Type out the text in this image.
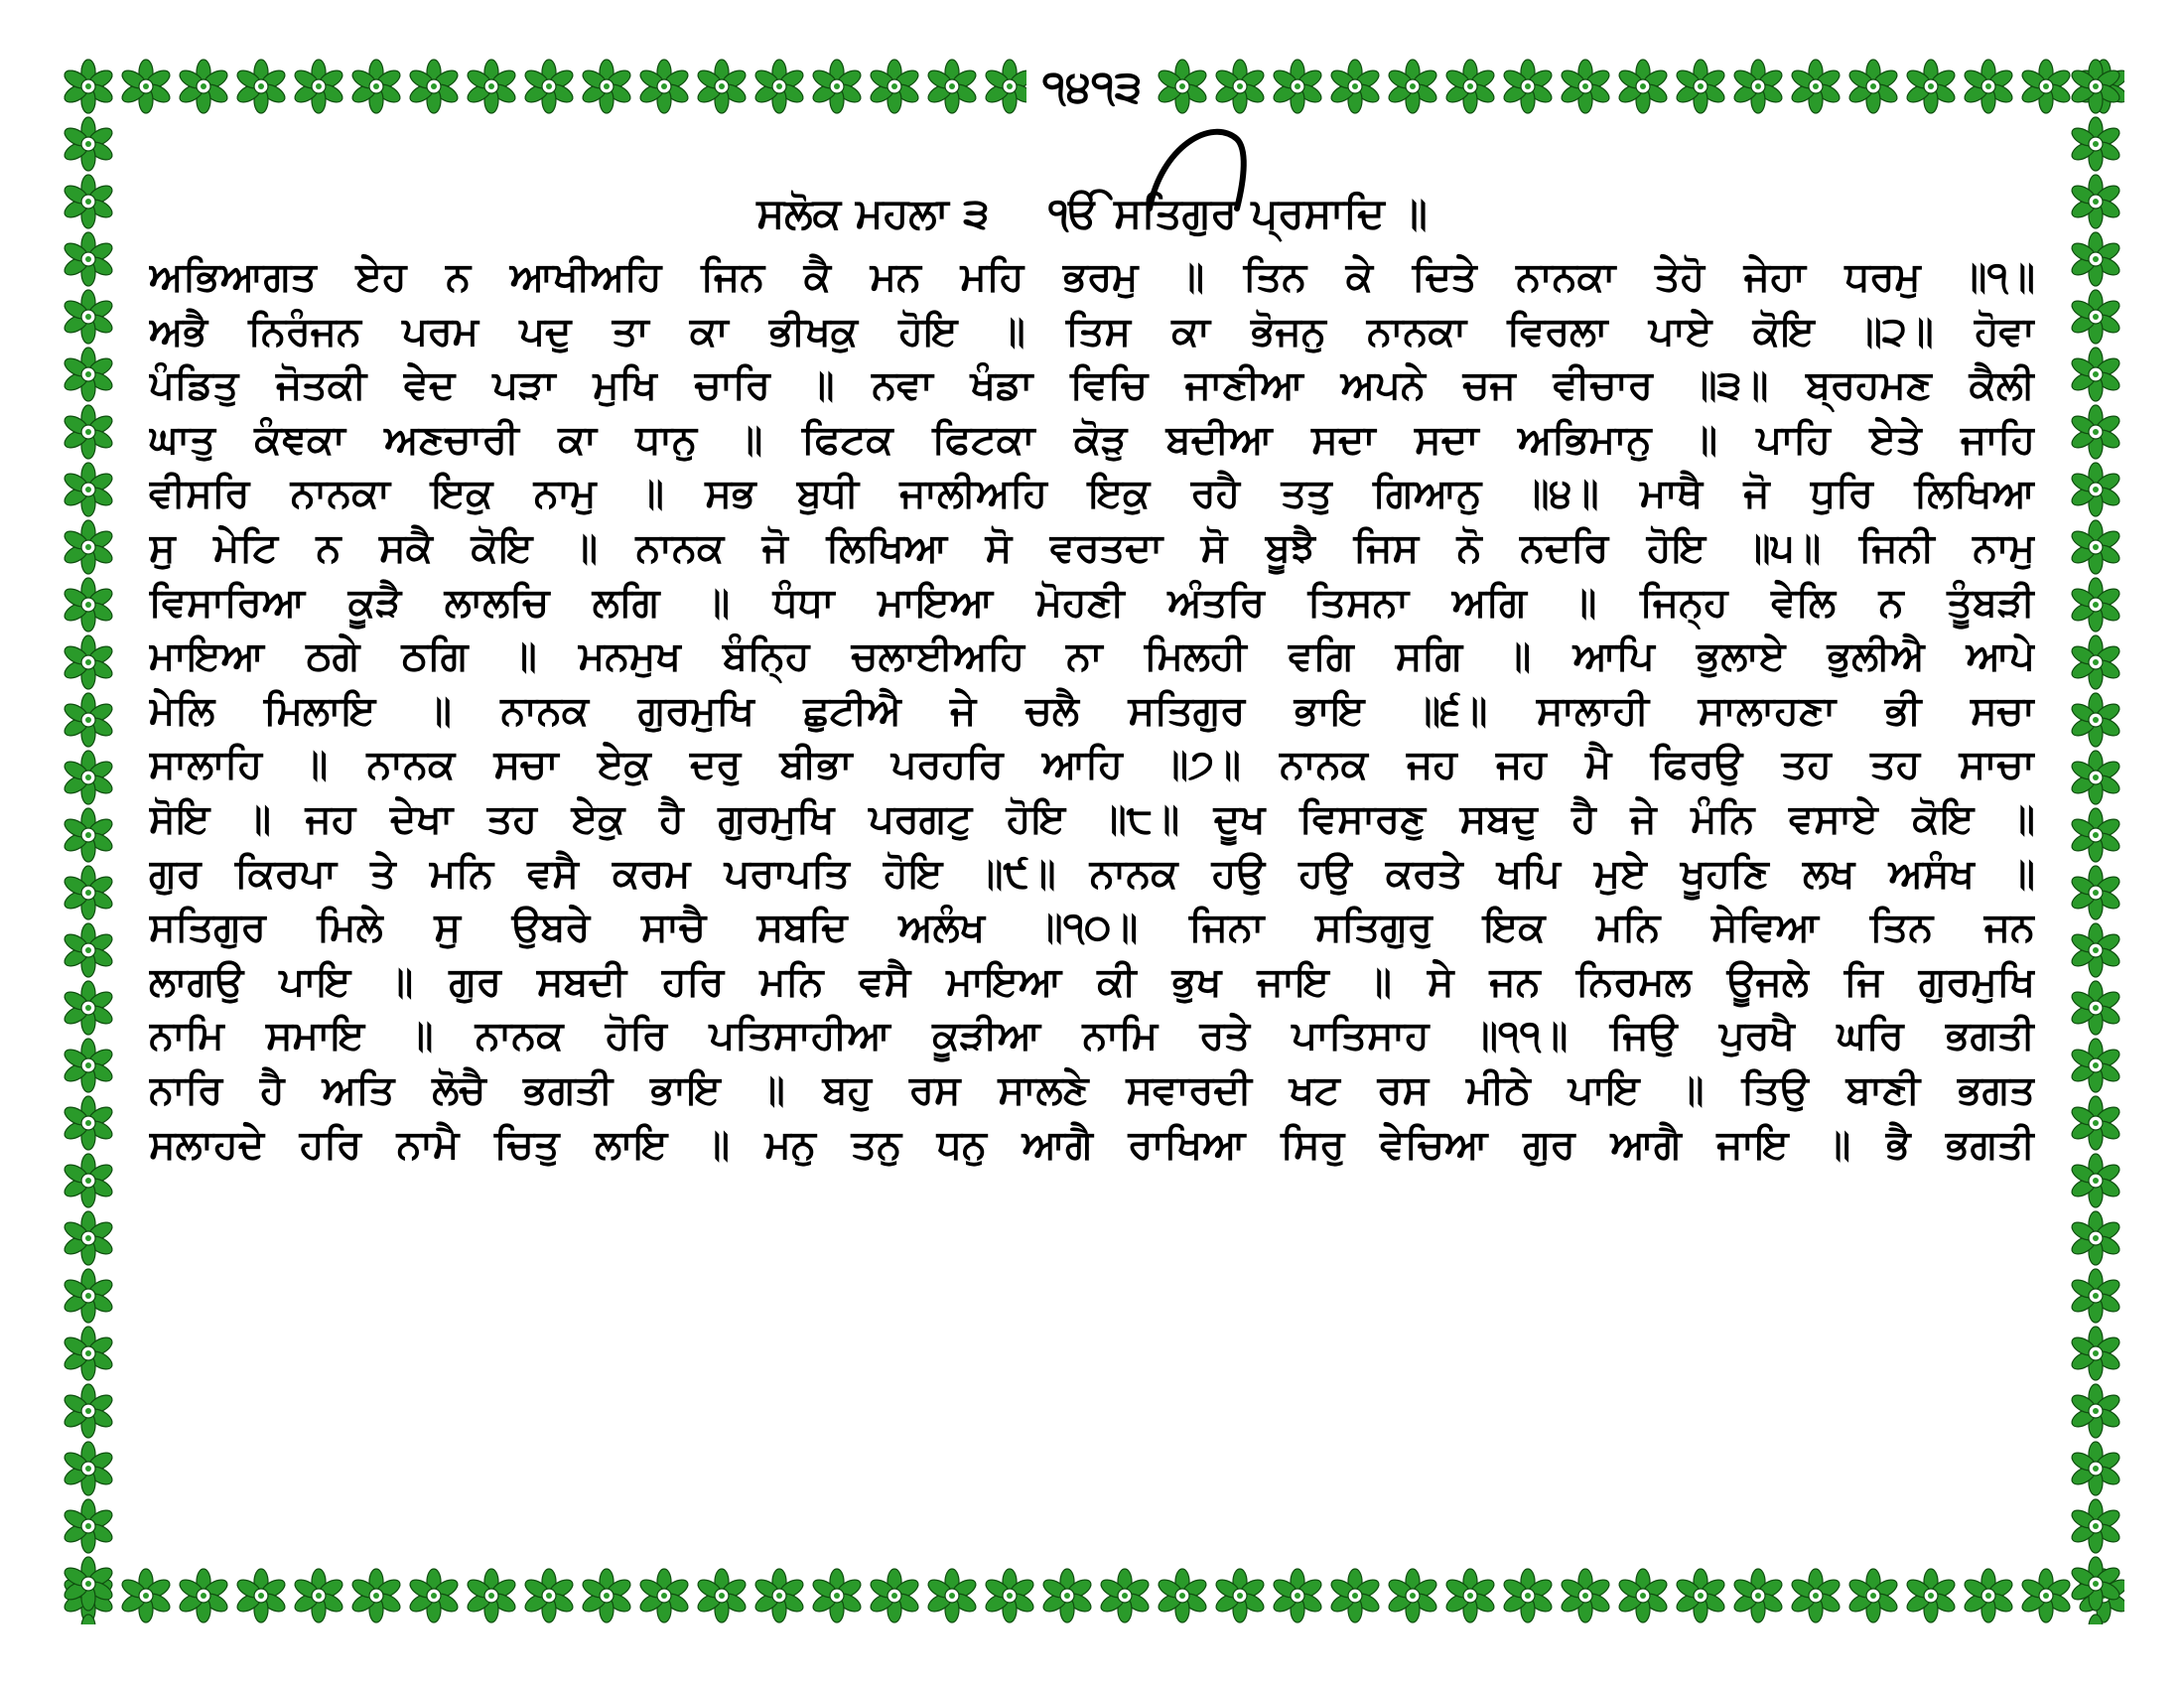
੧੪੧੩
ਸਲੋਕ ਮਹਲਾ ੩ ੴ ਸਤਿਗੁਰ ਪ੍ਰਸਾਦਿ ॥
ਅਭਿਆਗਤ ਏਹ ਨ ਆਖੀਅਹਿ ਜਿਨ ਕੈ ਮਨ ਮਹਿ ਭਰਮੁ ॥ ਤਿਨ ਕੇ ਦਿਤੇ ਨਾਨਕਾ ਤੇਹੋ ਜੇਹਾ ਧਰਮੁ ॥੧॥
ਅਭੈ ਨਿਰੰਜਨ ਪਰਮ ਪਦੁ ਤਾ ਕਾ ਭੀਖਕੁ ਹੋਇ ॥ ਤਿਸ ਕਾ ਭੋਜਨੁ ਨਾਨਕਾ ਵਿਰਲਾ ਪਾਏ ਕੋਇ ॥੨॥ ਹੋਵਾ
ਪੰਡਿਤੁ ਜੋਤਕੀ ਵੇਦ ਪੜਾ ਮੁਖਿ ਚਾਰਿ ॥ ਨਵਾ ਖੰਡਾ ਵਿਚਿ ਜਾਣੀਆ ਅਪਨੇ ਚਜ ਵੀਚਾਰ ॥੩॥ ਬ੍ਰਹਮਣ ਕੈਲੀ
ਘਾਤੁ ਕੰਞਕਾ ਅਣਚਾਰੀ ਕਾ ਧਾਨੁ ॥ ਫਿਟਕ ਫਿਟਕਾ ਕੋੜੁ ਬਦੀਆ ਸਦਾ ਸਦਾ ਅਭਿਮਾਨੁ ॥ ਪਾਹਿ ਏਤੇ ਜਾਹਿ
ਵੀਸਰਿ ਨਾਨਕਾ ਇਕੁ ਨਾਮੁ ॥ ਸਭ ਬੁਧੀ ਜਾਲੀਅਹਿ ਇਕੁ ਰਹੈ ਤਤੁ ਗਿਆਨੁ ॥੪॥ ਮਾਥੈ ਜੋ ਧੁਰਿ ਲਿਖਿਆ
ਸੁ ਮੇਟਿ ਨ ਸਕੈ ਕੋਇ ॥ ਨਾਨਕ ਜੋ ਲਿਖਿਆ ਸੋ ਵਰਤਦਾ ਸੋ ਬੂਝੈ ਜਿਸ ਨੋ ਨਦਰਿ ਹੋਇ ॥੫॥ ਜਿਨੀ ਨਾਮੁ
ਵਿਸਾਰਿਆ ਕੂੜੈ ਲਾਲਚਿ ਲਗਿ ॥ ਧੰਧਾ ਮਾਇਆ ਮੋਹਣੀ ਅੰਤਰਿ ਤਿਸਨਾ ਅਗਿ ॥ ਜਿਨ੍ਹ ਵੇਲਿ ਨ ਤੂੰਬੜੀ
ਮਾਇਆ ਠਗੇ ਠਗਿ ॥ ਮਨਮੁਖ ਬੰਨ੍ਹਿ ਚਲਾਈਅਹਿ ਨਾ ਮਿਲਹੀ ਵਗਿ ਸਗਿ ॥ ਆਪਿ ਭੁਲਾਏ ਭੁਲੀਐ ਆਪੇ
ਮੇਲਿ ਮਿਲਾਇ ॥ ਨਾਨਕ ਗੁਰਮੁਖਿ ਛੁਟੀਐ ਜੇ ਚਲੈ ਸਤਿਗੁਰ ਭਾਇ ॥੬॥ ਸਾਲਾਹੀ ਸਾਲਾਹਣਾ ਭੀ ਸਚਾ
ਸਾਲਾਹਿ ॥ ਨਾਨਕ ਸਚਾ ਏਕੁ ਦਰੁ ਬੀਭਾ ਪਰਹਰਿ ਆਹਿ ॥੭॥ ਨਾਨਕ ਜਹ ਜਹ ਮੈ ਫਿਰਉ ਤਹ ਤਹ ਸਾਚਾ
ਸੋਇ ॥ ਜਹ ਦੇਖਾ ਤਹ ਏਕੁ ਹੈ ਗੁਰਮੁਖਿ ਪਰਗਟੁ ਹੋਇ ॥੮॥ ਦੂਖ ਵਿਸਾਰਣੁ ਸਬਦੁ ਹੈ ਜੇ ਮੰਨਿ ਵਸਾਏ ਕੋਇ ॥
ਗੁਰ ਕਿਰਪਾ ਤੇ ਮਨਿ ਵਸੈ ਕਰਮ ਪਰਾਪਤਿ ਹੋਇ ॥੯॥ ਨਾਨਕ ਹਉ ਹਉ ਕਰਤੇ ਖਪਿ ਮੁਏ ਖੂਹਣਿ ਲਖ ਅਸੰਖ ॥
ਸਤਿਗੁਰ ਮਿਲੇ ਸੁ ਉਬਰੇ ਸਾਚੈ ਸਬਦਿ ਅਲੰਖ ॥੧੦॥ ਜਿਨਾ ਸਤਿਗੁਰੁ ਇਕ ਮਨਿ ਸੇਵਿਆ ਤਿਨ ਜਨ
ਲਾਗਉ ਪਾਇ ॥ ਗੁਰ ਸਬਦੀ ਹਰਿ ਮਨਿ ਵਸੈ ਮਾਇਆ ਕੀ ਭੁਖ ਜਾਇ ॥ ਸੇ ਜਨ ਨਿਰਮਲ ਊਜਲੇ ਜਿ ਗੁਰਮੁਖਿ
ਨਾਮਿ ਸਮਾਇ ॥ ਨਾਨਕ ਹੋਰਿ ਪਤਿਸਾਹੀਆ ਕੂੜੀਆ ਨਾਮਿ ਰਤੇ ਪਾਤਿਸਾਹ ॥੧੧॥ ਜਿਉ ਪੁਰਖੈ ਘਰਿ ਭਗਤੀ
ਨਾਰਿ ਹੈ ਅਤਿ ਲੋਚੈ ਭਗਤੀ ਭਾਇ ॥ ਬਹੁ ਰਸ ਸਾਲਣੇ ਸਵਾਰਦੀ ਖਟ ਰਸ ਮੀਠੇ ਪਾਇ ॥ ਤਿਉ ਬਾਣੀ ਭਗਤ
ਸਲਾਹਦੇ ਹਰਿ ਨਾਮੈ ਚਿਤੁ ਲਾਇ ॥ ਮਨੁ ਤਨੁ ਧਨੁ ਆਗੈ ਰਾਖਿਆ ਸਿਰੁ ਵੇਚਿਆ ਗੁਰ ਆਗੈ ਜਾਇ ॥ ਭੈ ਭਗਤੀ
